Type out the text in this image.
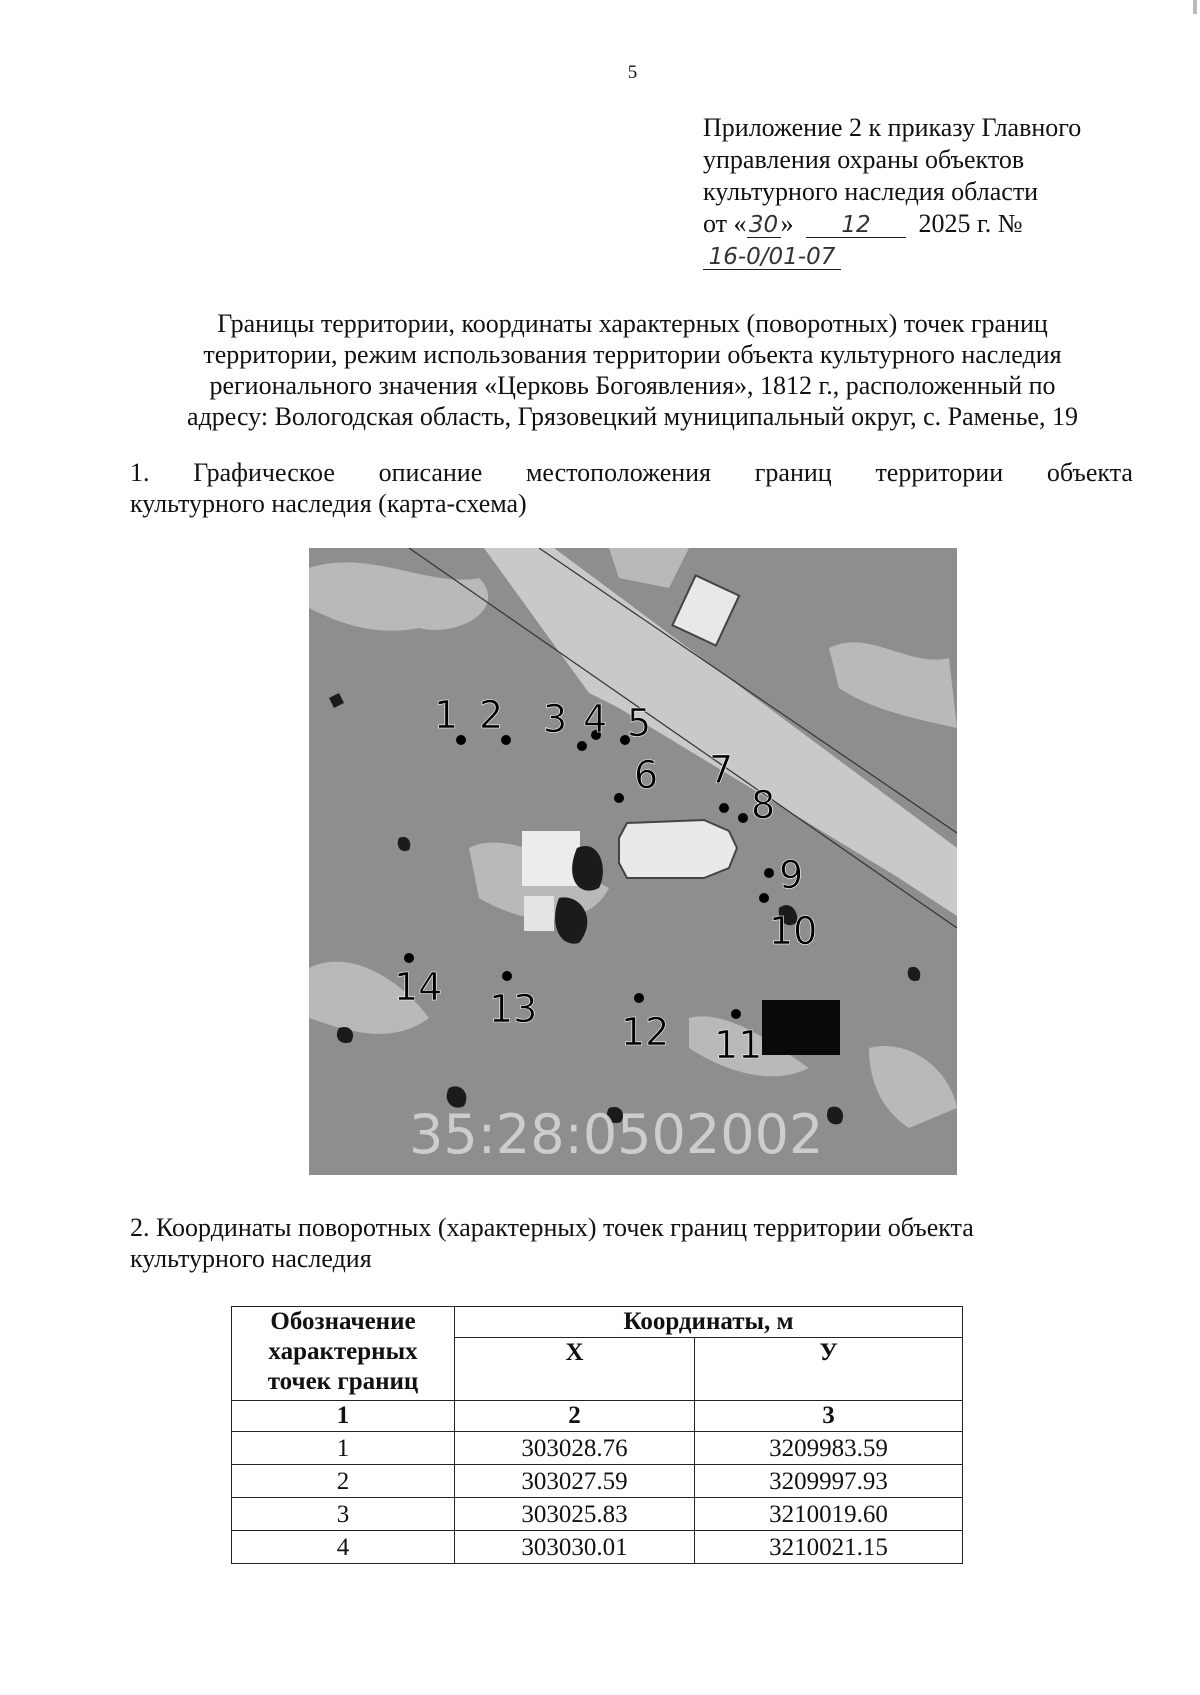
5
Приложение 2 к приказу Главного
управления охраны объектов
культурного наследия области
от « 30» 12 2025 г. №16-0/01-07
Границы территории, координаты характерных (поворотных) точек границ
территории, режим использования территории объекта культурного наследия
регионального значения «Церковь Богоявления», 1812 г., расположенный по
адресу: Вологодская область, Грязовецкий муниципальный округ, с. Раменье, 19
1. Графическое описание местоположения границ территории объекта
культурного наследия (карта-схема)
1 2 3 4 5
6 7
8
9
10
11
12
13
14
35:28:0502002
2. Координаты поворотных (характерных) точек границ территории объекта
культурного наследия
Обозначение
характерных
точек границ	Координаты, м	
	X	У
1	2	3
1	303028.76	3209983.59
2	303027.59	3209997.93
3	303025.83	3210019.60
4	303030.01	3210021.15
